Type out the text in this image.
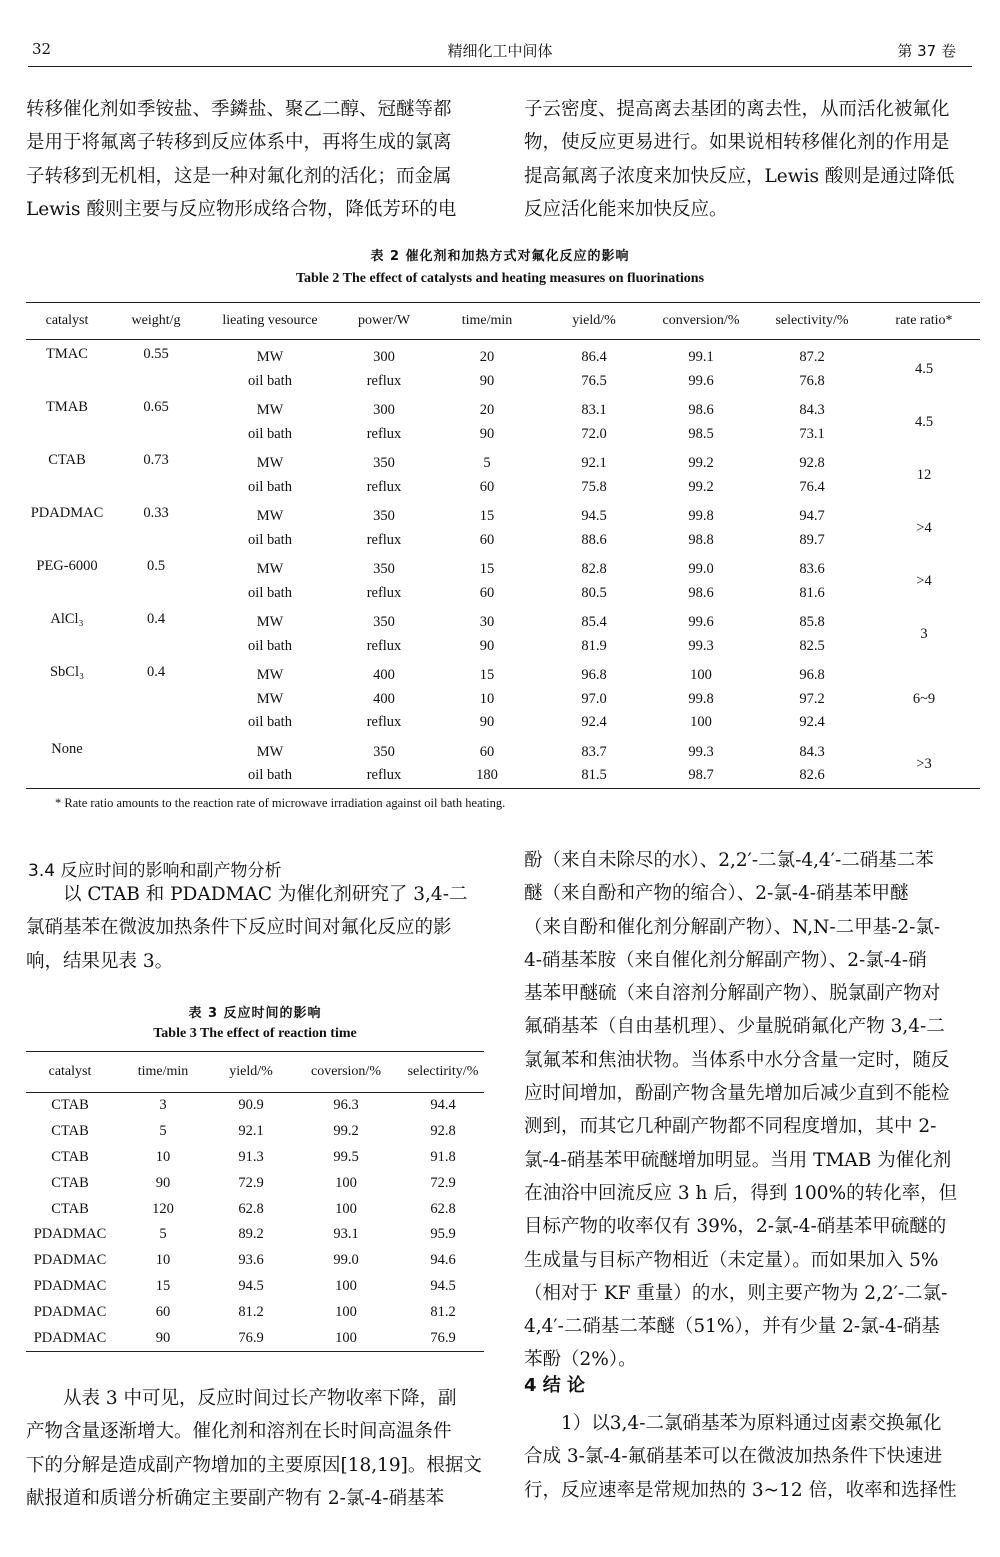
32	精细化工中间体	第 37 卷
转移催化剂如季铵盐、季鏻盐、聚乙二醇、冠醚等都
是用于将氟离子转移到反应体系中，再将生成的氯离
子转移到无机相，这是一种对氟化剂的活化；而金属
Lewis 酸则主要与反应物形成络合物，降低芳环的电
子云密度、提高离去基团的离去性，从而活化被氟化
物，使反应更易进行。如果说相转移催化剂的作用是
提高氟离子浓度来加快反应，Lewis 酸则是通过降低
反应活化能来加快反应。
表 2 催化剂和加热方式对氟化反应的影响
Table 2 The effect of catalysts and heating measures on fluorinations
catalyst	weight/g	lieating vesource	power/W	time/min	yield/%	conversion/%	selectivity/%	rate ratio*
TMAC	0.55	MW	300	20	86.4	99.1	87.2	4.5
		oil bath	reflux	90	76.5	99.6	76.8	
TMAB	0.65	MW	300	20	83.1	98.6	84.3	4.5
		oil bath	reflux	90	72.0	98.5	73.1	
CTAB	0.73	MW	350	5	92.1	99.2	92.8	12
		oil bath	reflux	60	75.8	99.2	76.4	
PDADMAC	0.33	MW	350	15	94.5	99.8	94.7	>4
		oil bath	reflux	60	88.6	98.8	89.7	
PEG-6000	0.5	MW	350	15	82.8	99.0	83.6	>4
		oil bath	reflux	60	80.5	98.6	81.6	
AlCl₃	0.4	MW	350	30	85.4	99.6	85.8	3
		oil bath	reflux	90	81.9	99.3	82.5	
SbCl₃	0.4	MW	400	15	96.8	100	96.8	6~9
		MW	400	10	97.0	99.8	97.2	
		oil bath	reflux	90	92.4	100	92.4	
None		MW	350	60	83.7	99.3	84.3	>3
		oil bath	reflux	180	81.5	98.7	82.6	
* Rate ratio amounts to the reaction rate of microwave irradiation against oil bath heating.
3.4 反应时间的影响和副产物分析
以 CTAB 和 PDADMAC 为催化剂研究了 3,4-二
氯硝基苯在微波加热条件下反应时间对氟化反应的影
响，结果见表 3。
表 3 反应时间的影响
Table 3 The effect of reaction time
catalyst	time/min	yield/%	coversion/%	selectirity/%
CTAB	3	90.9	96.3	94.4
CTAB	5	92.1	99.2	92.8
CTAB	10	91.3	99.5	91.8
CTAB	90	72.9	100	72.9
CTAB	120	62.8	100	62.8
PDADMAC	5	89.2	93.1	95.9
PDADMAC	10	93.6	99.0	94.6
PDADMAC	15	94.5	100	94.5
PDADMAC	60	81.2	100	81.2
PDADMAC	90	76.9	100	76.9
从表 3 中可见，反应时间过长产物收率下降，副
产物含量逐渐增大。催化剂和溶剂在长时间高温条件
下的分解是造成副产物增加的主要原因[18,19]。根据文
献报道和质谱分析确定主要副产物有 2-氯-4-硝基苯
酚（来自未除尽的水）、2,2′-二氯-4,4′-二硝基二苯
醚（来自酚和产物的缩合）、2-氯-4-硝基苯甲醚
（来自酚和催化剂分解副产物）、N,N-二甲基-2-氯-
4-硝基苯胺（来自催化剂分解副产物）、2-氯-4-硝
基苯甲醚硫（来自溶剂分解副产物）、脱氯副产物对
氟硝基苯（自由基机理）、少量脱硝氟化产物 3,4-二
氯氟苯和焦油状物。当体系中水分含量一定时，随反
应时间增加，酚副产物含量先增加后减少直到不能检
测到，而其它几种副产物都不同程度增加，其中 2-
氯-4-硝基苯甲硫醚增加明显。当用 TMAB 为催化剂
在油浴中回流反应 3 h 后，得到 100%的转化率，但
目标产物的收率仅有 39%，2-氯-4-硝基苯甲硫醚的
生成量与目标产物相近（未定量）。而如果加入 5%
（相对于 KF 重量）的水，则主要产物为 2,2′-二氯-
4,4′-二硝基二苯醚（51%），并有少量 2-氯-4-硝基
苯酚（2%）。
4 结 论
1）以3,4-二氯硝基苯为原料通过卤素交换氟化
合成 3-氯-4-氟硝基苯可以在微波加热条件下快速进
行，反应速率是常规加热的 3~12 倍，收率和选择性
